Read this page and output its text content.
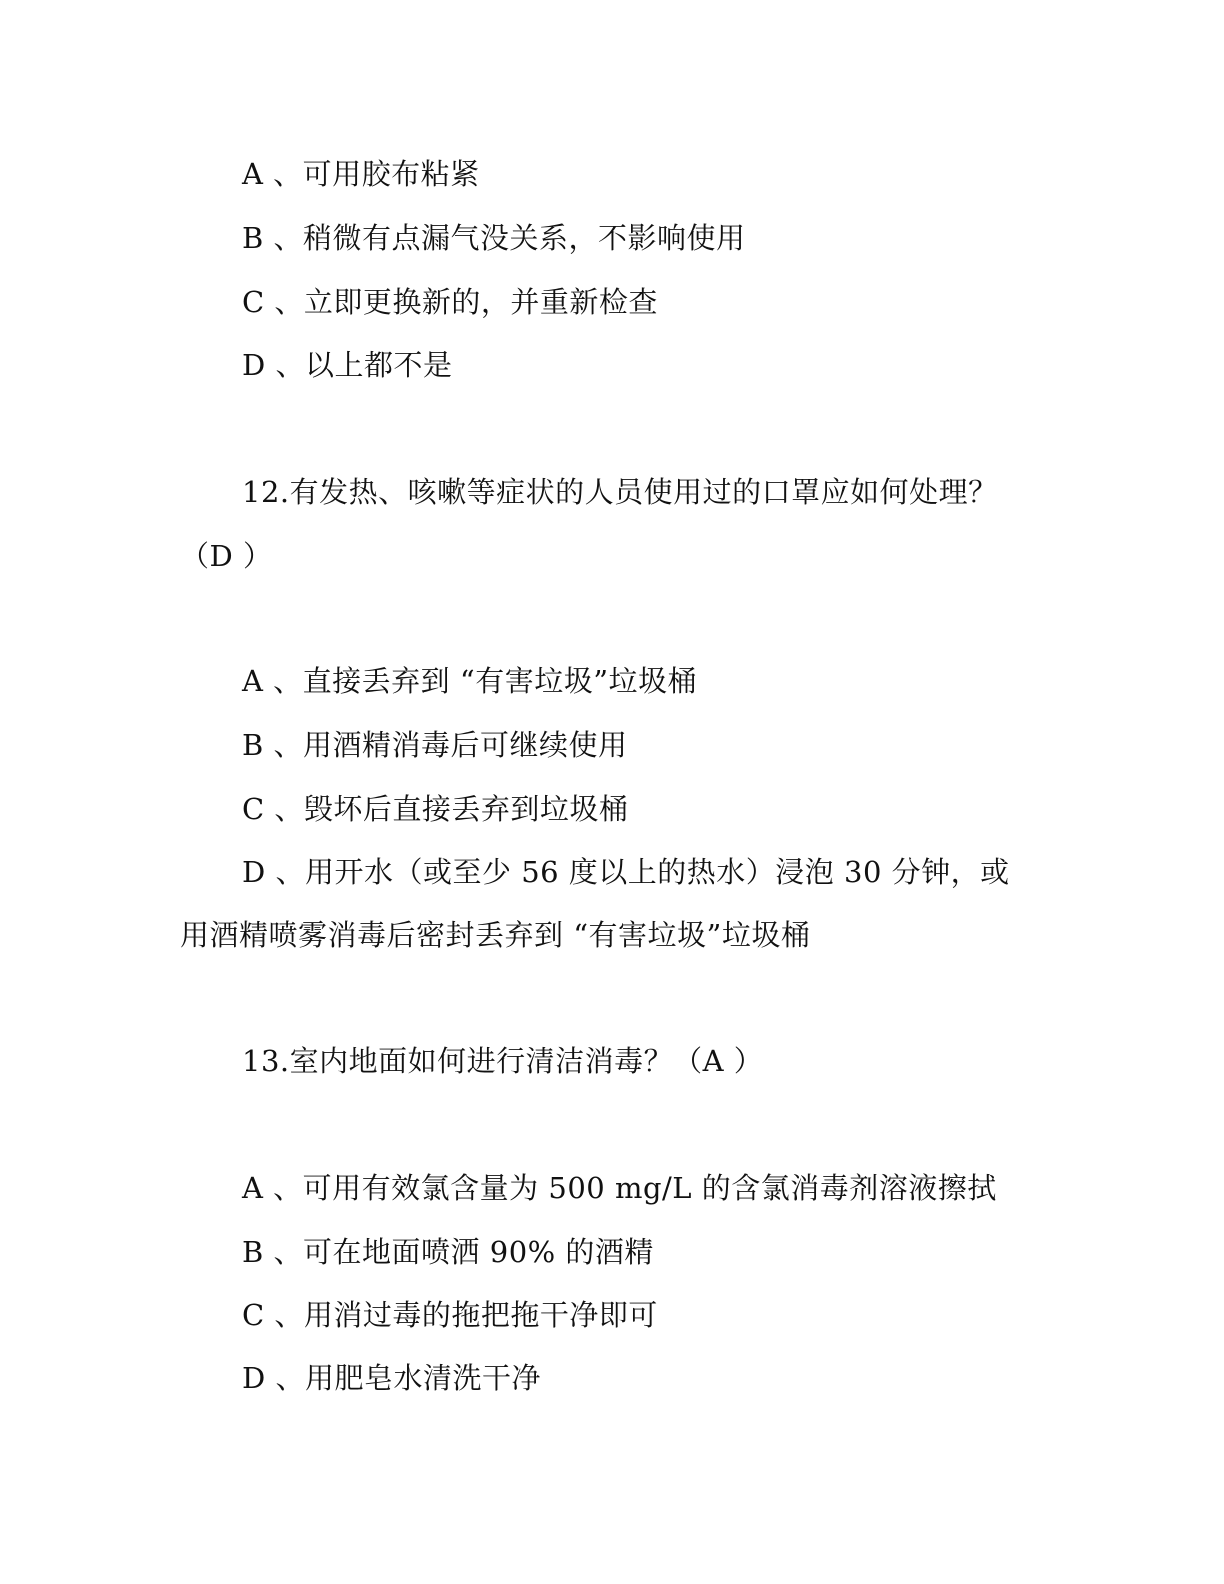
A 、可用胶布粘紧
B 、稍微有点漏气没关系，不影响使用
C 、立即更换新的，并重新检查
D 、以上都不是
12.有发热、咳嗽等症状的人员使用过的口罩应如何处理？
（D ）
A 、直接丢弃到 “有害垃圾”垃圾桶
B 、用酒精消毒后可继续使用
C 、毁坏后直接丢弃到垃圾桶
D 、用开水（或至少 56 度以上的热水）浸泡 30 分钟，或
用酒精喷雾消毒后密封丢弃到 “有害垃圾”垃圾桶
13.室内地面如何进行清洁消毒？（A ）
A 、可用有效氯含量为 500 mg/L 的含氯消毒剂溶液擦拭
B 、可在地面喷洒 90% 的酒精
C 、用消过毒的拖把拖干净即可
D 、用肥皂水清洗干净
